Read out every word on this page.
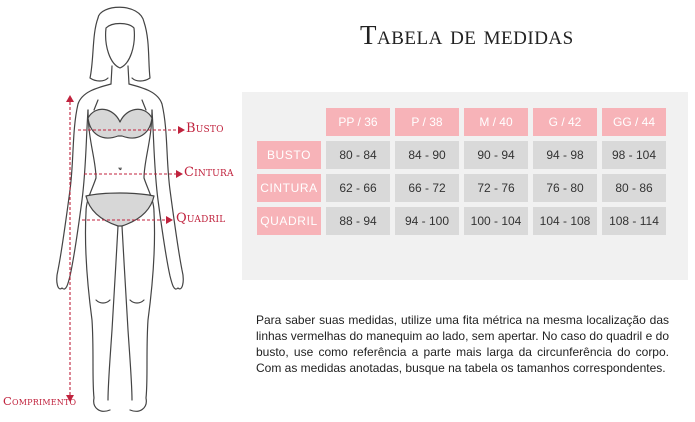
Busto
Cintura
Quadril
Comprimento
Tabela de medidas
	PP / 36	P / 38	M / 40	G / 42	GG / 44
BUSTO	80 - 84	84 - 90	90 - 94	94 - 98	98 - 104
CINTURA	62 - 66	66 - 72	72 - 76	76 - 80	80 - 86
QUADRIL	88 - 94	94 - 100	100 - 104	104 - 108	108 - 114

Para saber suas medidas, utilize uma fita métrica na mesma localização das linhas vermelhas do manequim ao lado, sem apertar. No caso do quadril e do busto, use como referência a parte mais larga da circunferência do corpo. Com as medidas anotadas, busque na tabela os tamanhos correspondentes.
